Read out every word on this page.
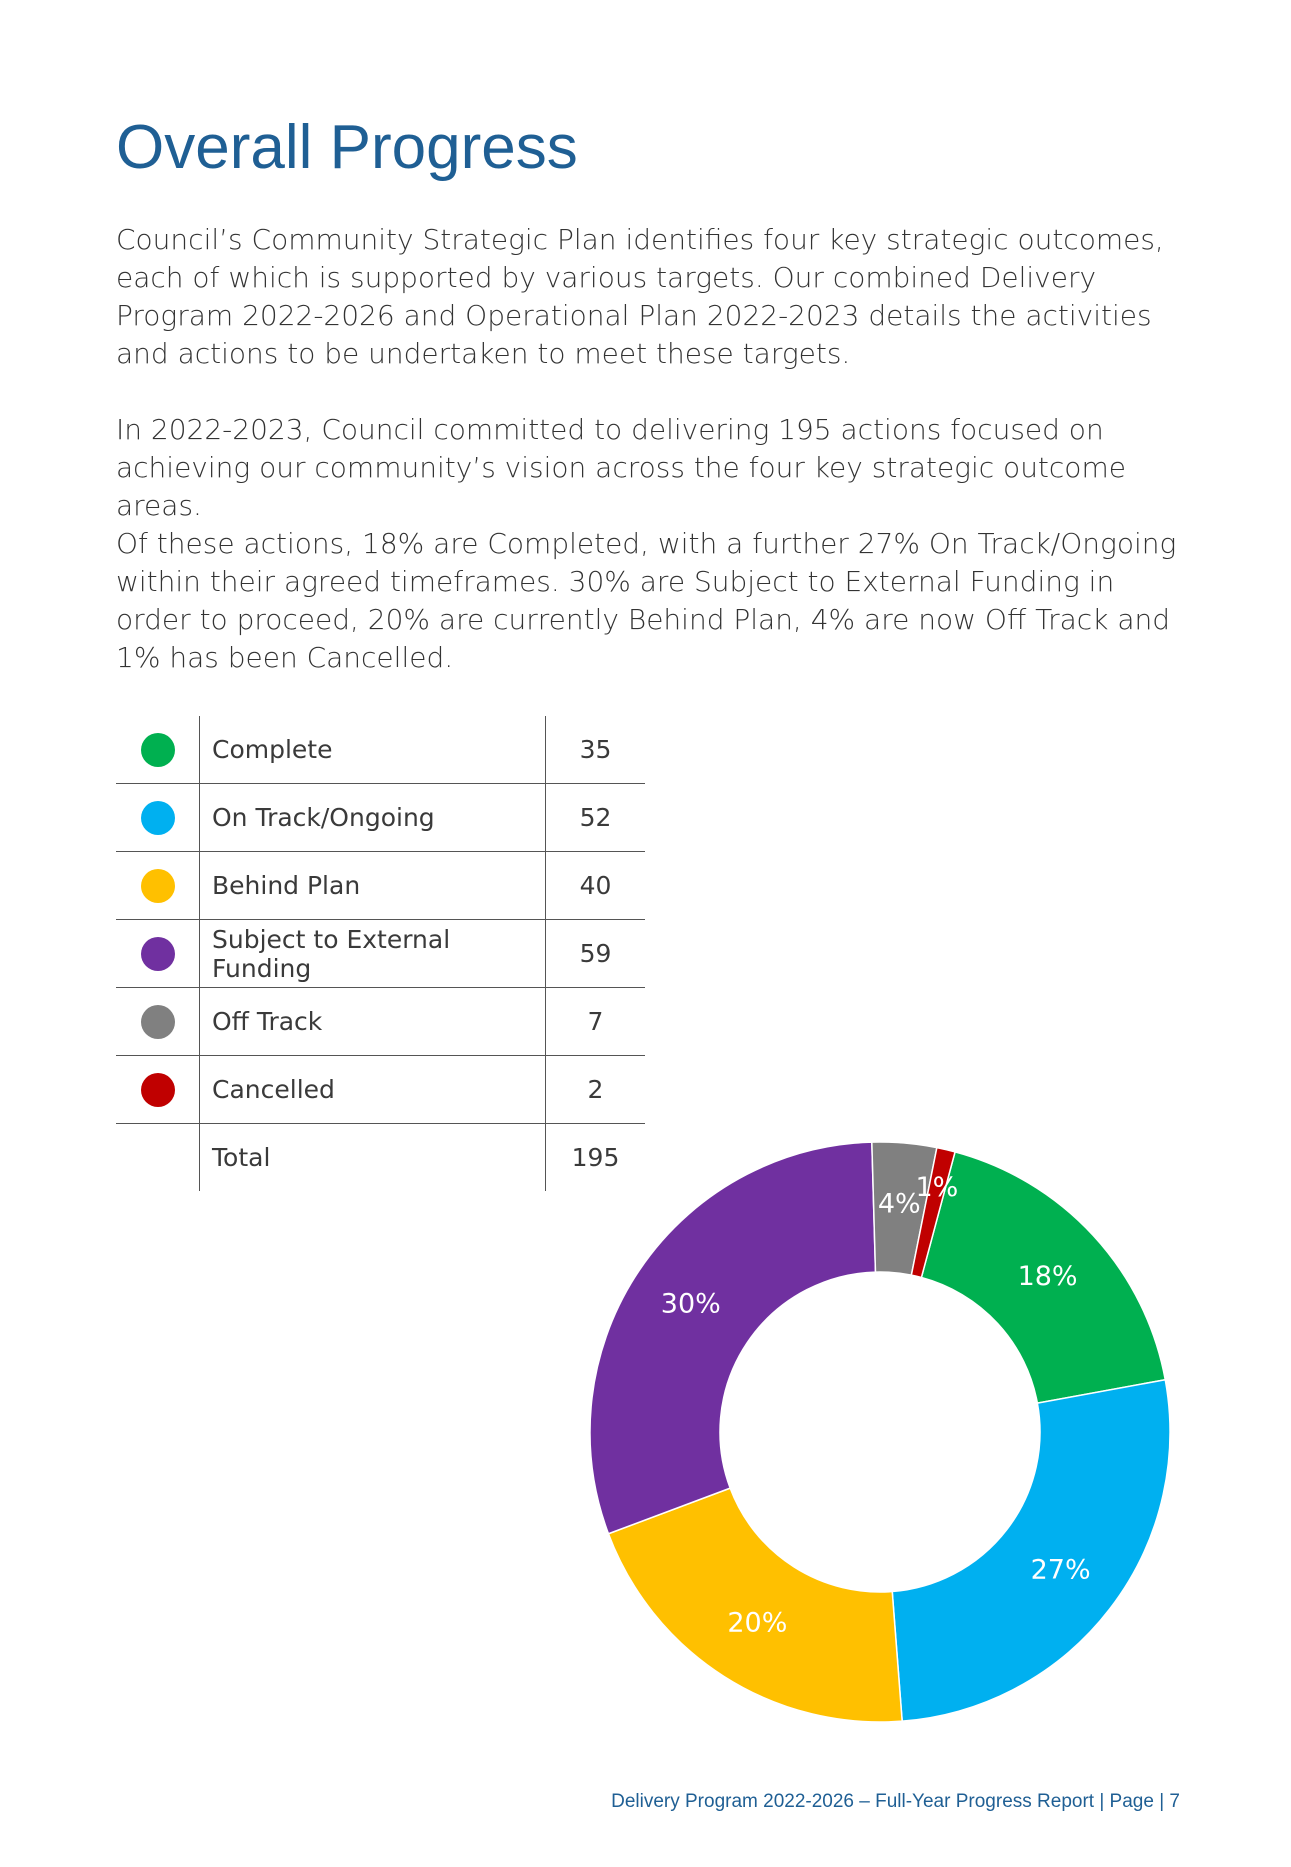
Overall Progress

Council’s Community Strategic Plan identifies four key strategic outcomes, each of which is supported by various targets. Our combined Delivery Program 2022-2026 and Operational Plan 2022-2023 details the activities and actions to be undertaken to meet these targets.

In 2022-2023, Council committed to delivering 195 actions focused on achieving our community’s vision across the four key strategic outcome areas.

Of these actions, 18% are Completed, with a further 27% On Track/Ongoing within their agreed timeframes. 30% are Subject to External Funding in order to proceed, 20% are currently Behind Plan, 4% are now Off Track and 1% has been Cancelled.

	Complete	35
	On Track/Ongoing	52
	Behind Plan	40
	Subject to External Funding	59
	Off Track	7
	Cancelled	2
	Total	195
18%
27%
20%
30%
4%
1%

Delivery Program 2022-2026 – Full-Year Progress Report | Page | 7
